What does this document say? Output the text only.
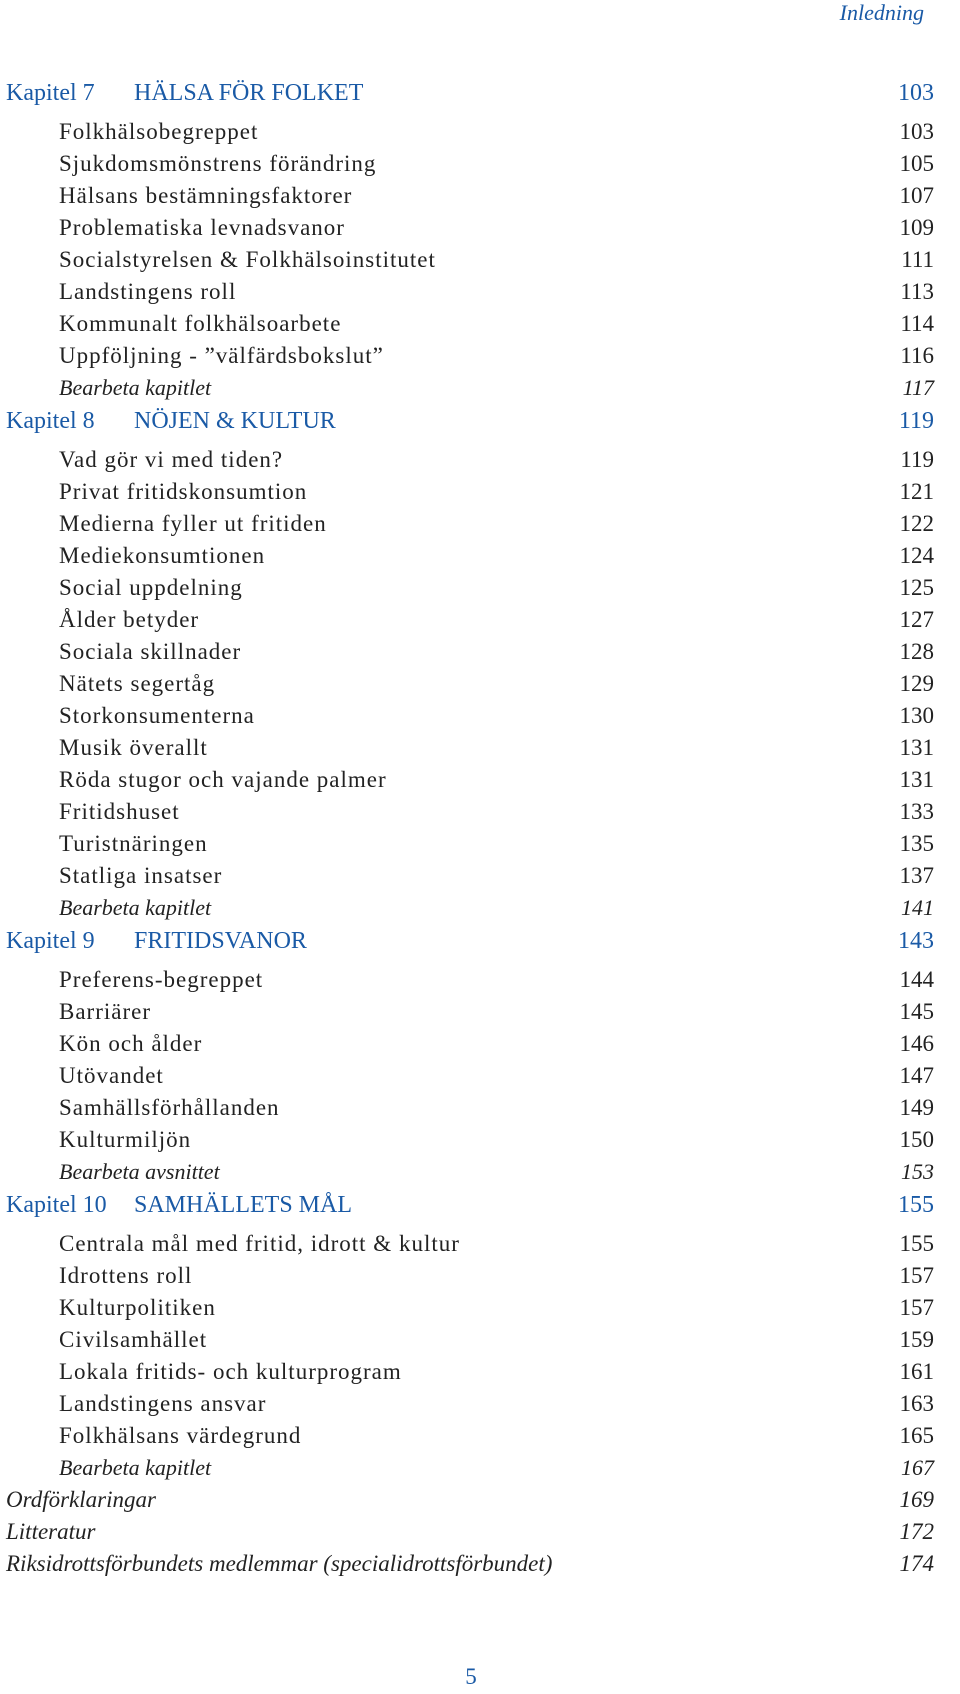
Inledning
Kapitel 7 HÄLSA FÖR FOLKET	103
Folkhälsobegreppet	103
Sjukdomsmönstrens förändring	105
Hälsans bestämningsfaktorer	107
Problematiska levnadsvanor	109
Socialstyrelsen & Folkhälsoinstitutet	111
Landstingens roll	113
Kommunalt folkhälsoarbete	114
Uppföljning - ”välfärdsbokslut”	116
Bearbeta kapitlet	117
Kapitel 8 NÖJEN & KULTUR	119
Vad gör vi med tiden?	119
Privat fritidskonsumtion	121
Medierna fyller ut fritiden	122
Mediekonsumtionen	124
Social uppdelning	125
Ålder betyder	127
Sociala skillnader	128
Nätets segertåg	129
Storkonsumenterna	130
Musik överallt	131
Röda stugor och vajande palmer	131
Fritidshuset	133
Turistnäringen	135
Statliga insatser	137
Bearbeta kapitlet	141
Kapitel 9 FRITIDSVANOR	143
Preferens-begreppet	144
Barriärer	145
Kön och ålder	146
Utövandet	147
Samhällsförhållanden	149
Kulturmiljön	150
Bearbeta avsnittet	153
Kapitel 10 SAMHÄLLETS MÅL	155
Centrala mål med fritid, idrott & kultur	155
Idrottens roll	157
Kulturpolitiken	157
Civilsamhället	159
Lokala fritids- och kulturprogram	161
Landstingens ansvar	163
Folkhälsans värdegrund	165
Bearbeta kapitlet	167
Ordförklaringar	169
Litteratur	172
Riksidrottsförbundets medlemmar (specialidrottsförbundet)	174
5
